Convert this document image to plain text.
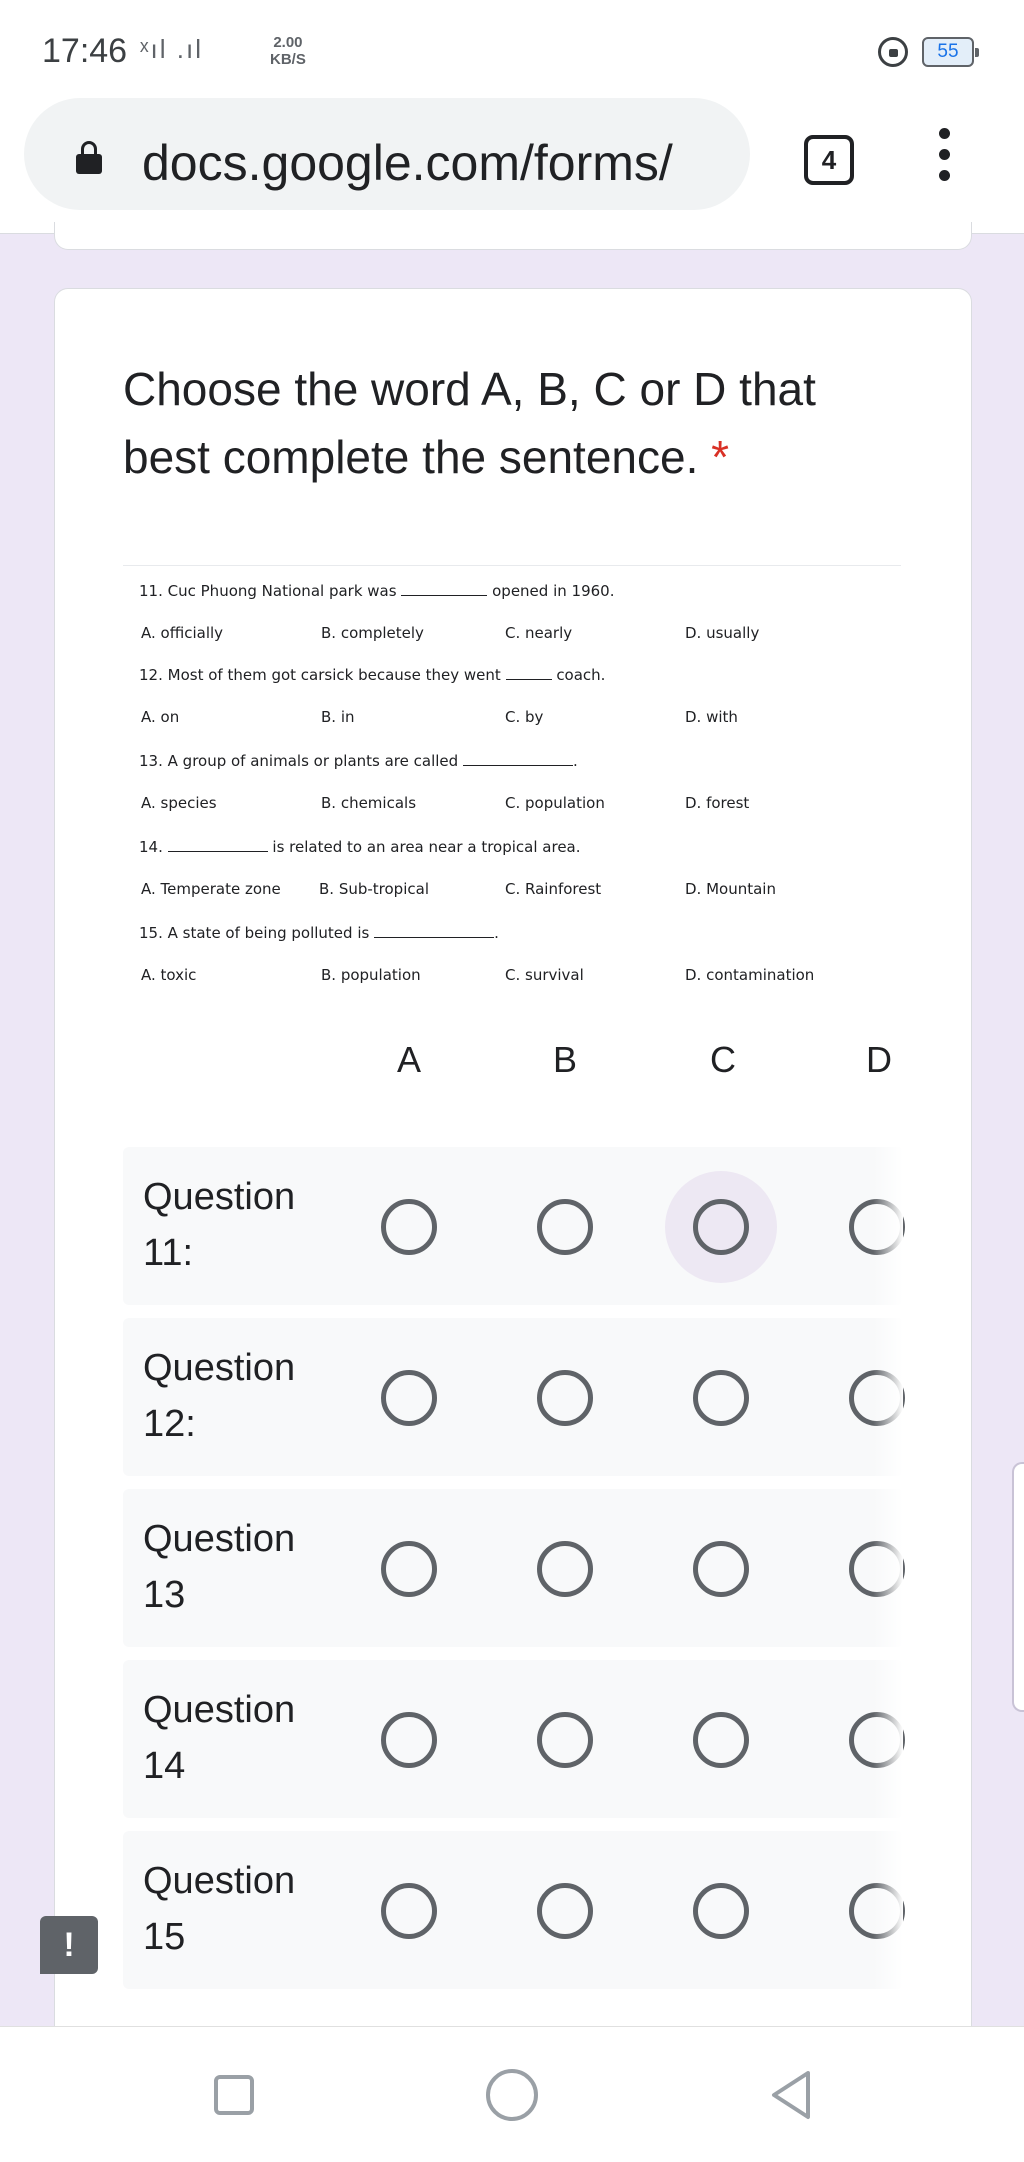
17:46 ˣıl .ıl	2.00
KB/S	55
docs.google.com/forms/	4
Choose the word A, B, C or D that best complete the sentence. *
11. Cuc Phuong National park was	opened in 1960.
A. officially	B. completely	C. nearly	D. usually
12. Most of them got carsick because they went	coach.
A. on	B. in	C. by	D. with
13. A group of animals or plants are called	.
A. species	B. chemicals	C. population	D. forest
14.	is related to an area near a tropical area.
A. Temperate zone	B. Sub-tropical	C. Rainforest	D. Mountain
15. A state of being polluted is	.
A. toxic	B. population	C. survival	D. contamination
A	B	C	D
Question 11:
Question 12:
Question 13
Question 14
Question 15
!
